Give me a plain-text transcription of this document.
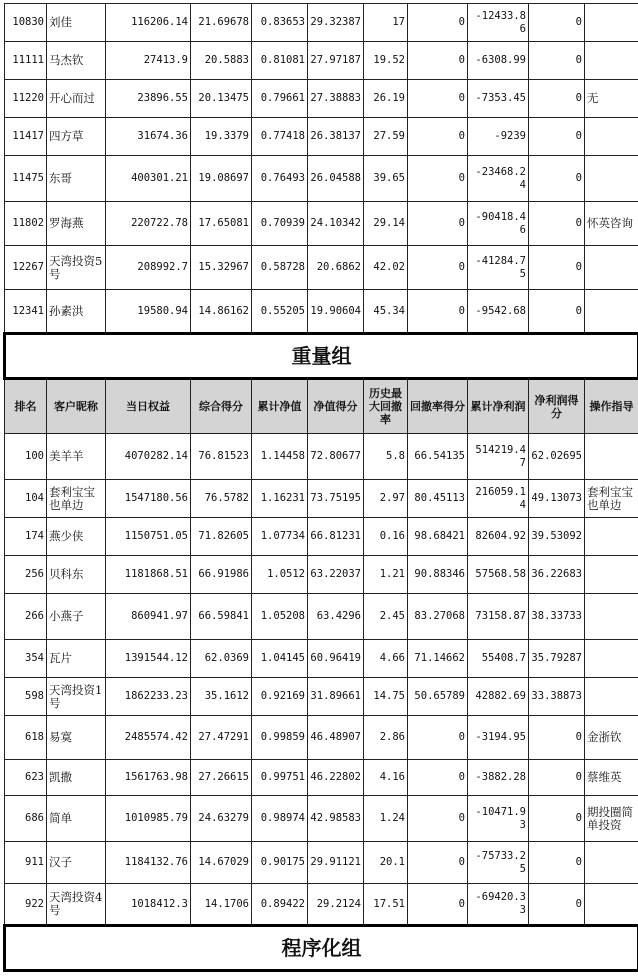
10830	刘佳	116206.14	21.69678	0.83653	29.32387	17	0	-12433.86	0	
11111	马杰钦	27413.9	20.5883	0.81081	27.97187	19.52	0	-6308.99	0	
11220	开心而过	23896.55	20.13475	0.79661	27.38883	26.19	0	-7353.45	0	无
11417	四方草	31674.36	19.3379	0.77418	26.38137	27.59	0	-9239	0	
11475	东哥	400301.21	19.08697	0.76493	26.04588	39.65	0	-23468.24	0	
11802	罗海燕	220722.78	17.65081	0.70939	24.10342	29.14	0	-90418.46	0	怀英咨询
12267	天湾投资5号	208992.7	15.32967	0.58728	20.6862	42.02	0	-41284.75	0	
12341	孙素洪	19580.94	14.86162	0.55205	19.90604	45.34	0	-9542.68	0	
重量组										
排名	客户昵称	当日权益	综合得分	累计净值	净值得分	历史最大回撤率	回撤率得分	累计净利润	净利润得分	操作指导
100	美羊羊	4070282.14	76.81523	1.14458	72.80677	5.8	66.54135	514219.47	62.02695	
104	套利宝宝也单边	1547180.56	76.5782	1.16231	73.75195	2.97	80.45113	216059.14	49.13073	套利宝宝也单边
174	燕少侠	1150751.05	71.82605	1.07734	66.81231	0.16	98.68421	82604.92	39.53092	
256	贝科东	1181868.51	66.91986	1.0512	63.22037	1.21	90.88346	57568.58	36.22683	
266	小燕子	860941.97	66.59841	1.05208	63.4296	2.45	83.27068	73158.87	38.33733	
354	瓦片	1391544.12	62.0369	1.04145	60.96419	4.66	71.14662	55408.7	35.79287	
598	天湾投资1号	1862233.23	35.1612	0.92169	31.89661	14.75	50.65789	42882.69	33.38873	
618	易寞	2485574.42	27.47291	0.99859	46.48907	2.86	0	-3194.95	0	金浙钦
623	凯撒	1561763.98	27.26615	0.99751	46.22802	4.16	0	-3882.28	0	蔡维英
686	简单	1010985.79	24.63279	0.98974	42.98583	1.24	0	-10471.93	0	期投圈简单投资
911	汉子	1184132.76	14.67029	0.90175	29.91121	20.1	0	-75733.25	0	
922	天湾投资4号	1018412.3	14.1706	0.89422	29.2124	17.51	0	-69420.33	0	
程序化组										
